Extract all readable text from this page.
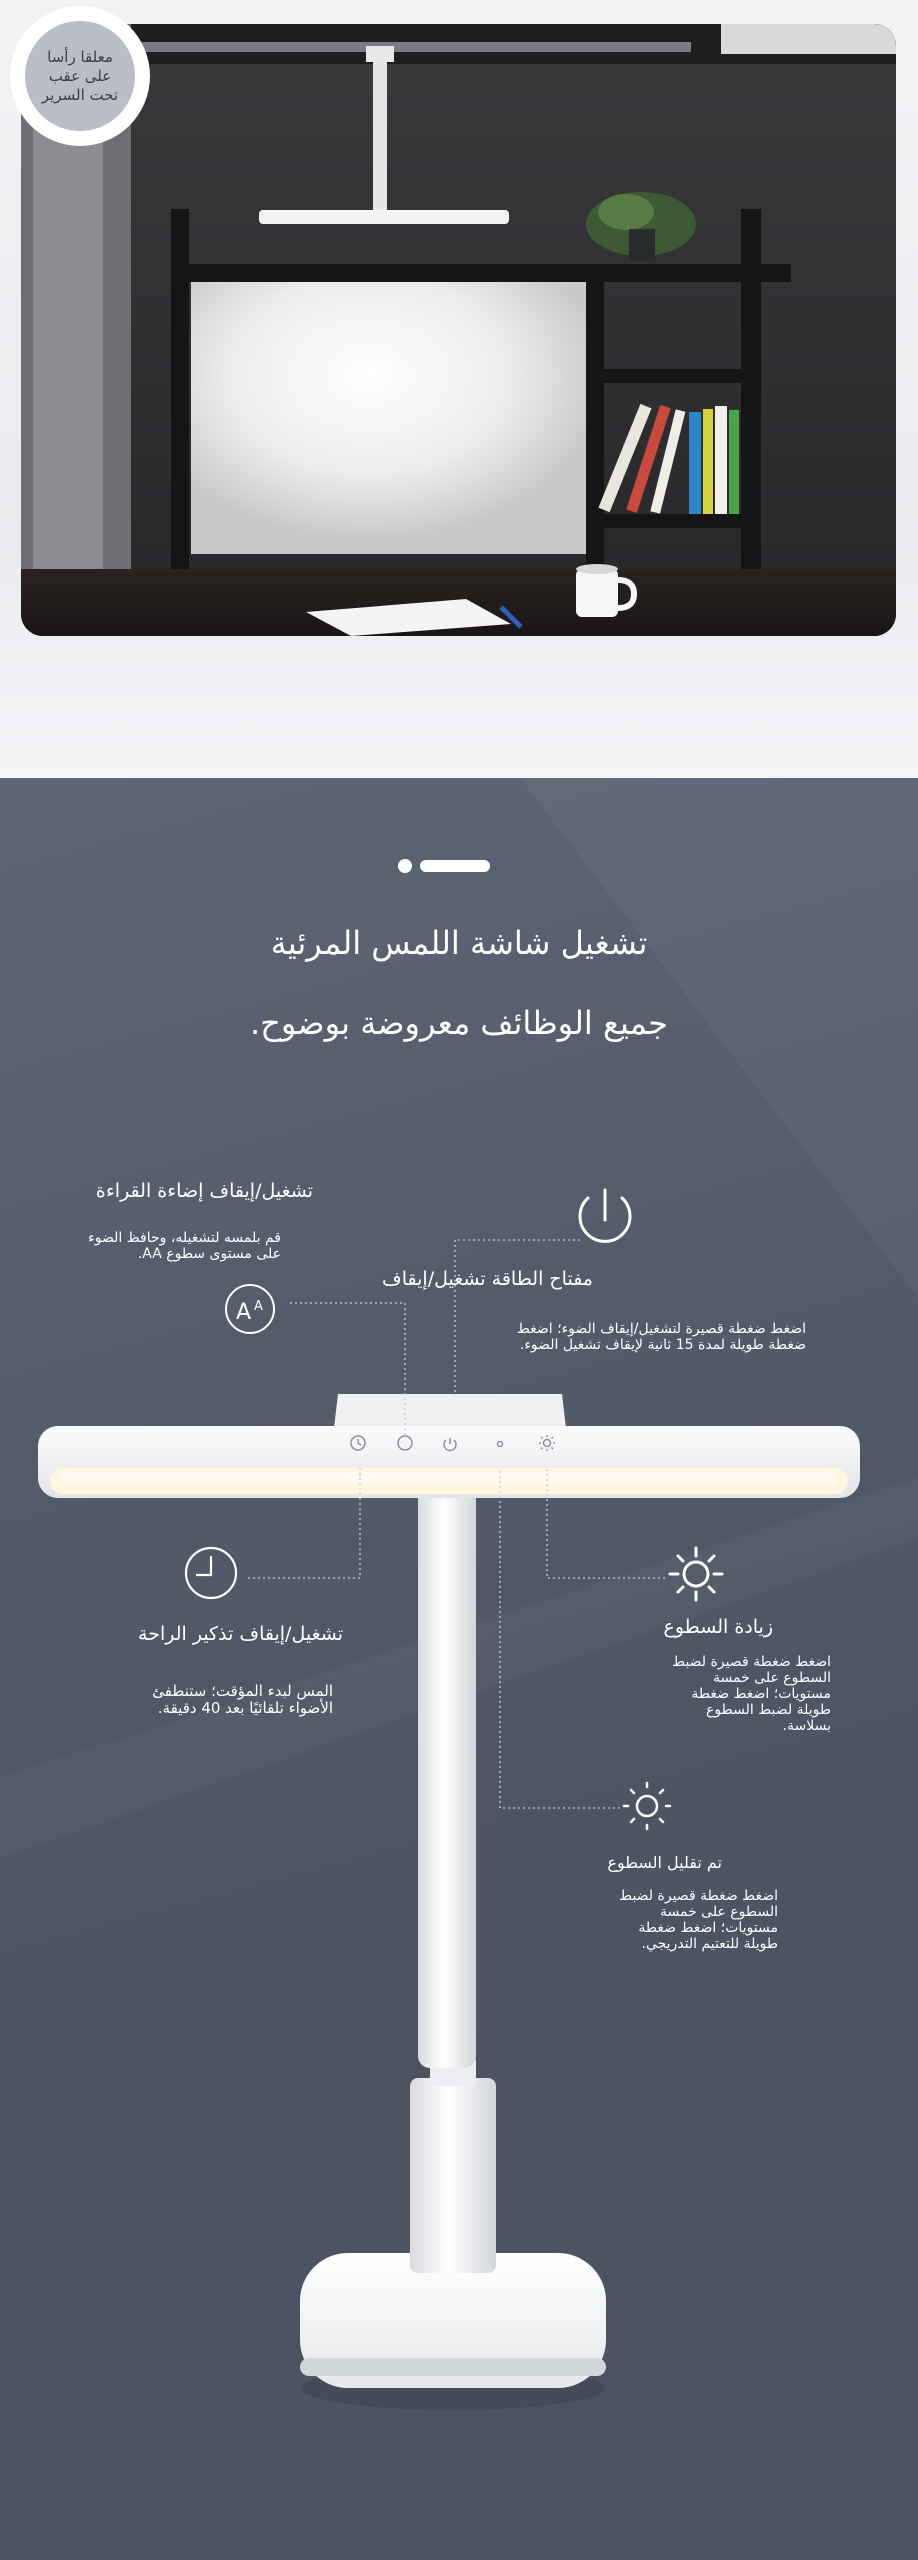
معلقا رأسا على عقب تحت السرير
A A
تشغيل شاشة اللمس المرئية
جميع الوظائف معروضة بوضوح.
تشغيل/إيقاف إضاءة القراءة
قم بلمسه لتشغيله، وحافظ الضوء على مستوى سطوع AA.
مفتاح الطاقة تشغيل/إيقاف
اضغط ضغطة قصيرة لتشغيل/إيقاف الضوء؛ اضغط ضغطة طويلة لمدة 15 ثانية لإيقاف تشغيل الضوء.
تشغيل/إيقاف تذكير الراحة
المس لبدء المؤقت؛ ستنطفئ الأضواء تلقائيًا بعد 40 دقيقة.
زيادة السطوع
اضغط ضغطة قصيرة لضبط السطوع على خمسة مستويات؛ اضغط ضغطة طويلة لضبط السطوع بسلاسة.
تم تقليل السطوع
اضغط ضغطة قصيرة لضبط السطوع على خمسة مستويات؛ اضغط ضغطة طويلة للتعتيم التدريجي.
